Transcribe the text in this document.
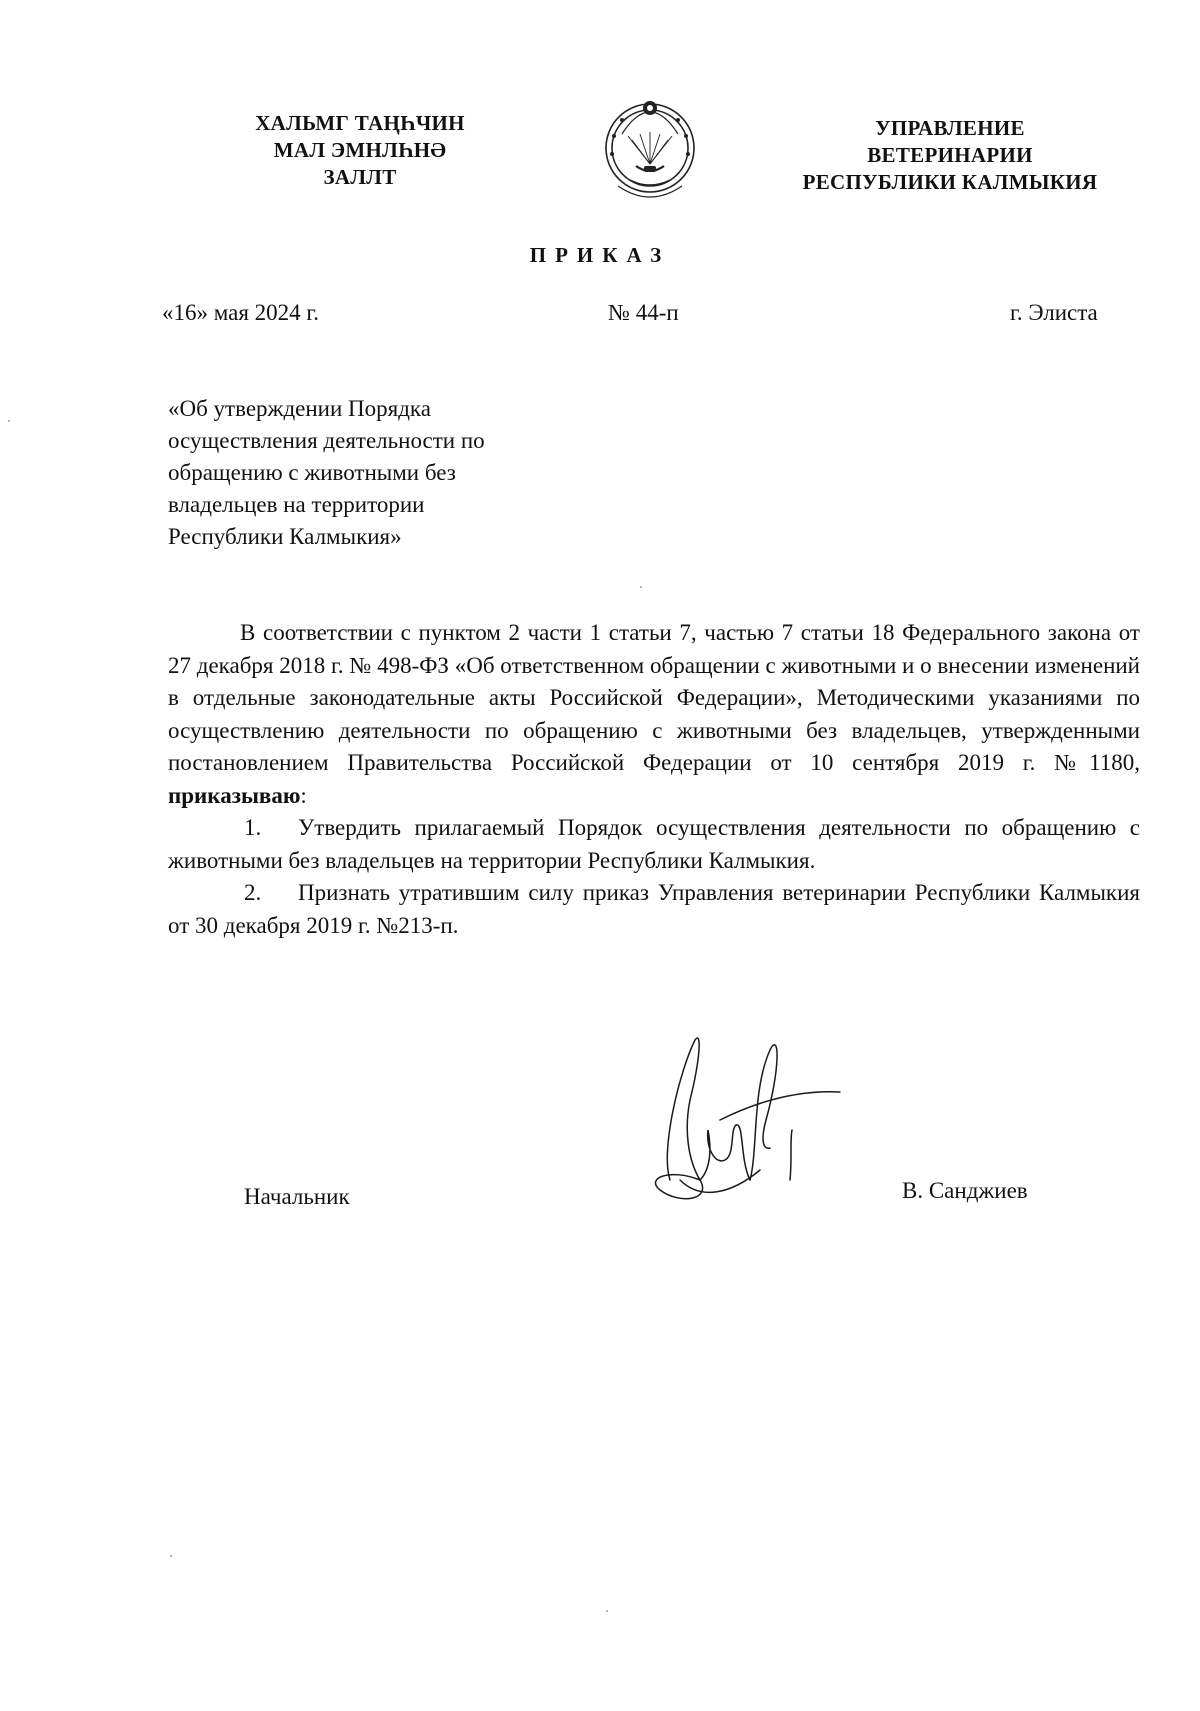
ХАЛЬМГ ТАҢҺЧИН
МАЛ ЭМНЛҺНӘ
ЗАЛЛТ
УПРАВЛЕНИЕ
ВЕТЕРИНАРИИ
РЕСПУБЛИКИ КАЛМЫКИЯ
ПРИКАЗ
«16» мая 2024 г.	№ 44-п	г. Элиста
«Об утверждении Порядка
осуществления деятельности по
обращению с животными без
владельцев на территории
Республики Калмыкия»

В соответствии с пунктом 2 части 1 статьи 7, частью 7 статьи 18 Федерального закона от 27 декабря 2018 г. № 498-ФЗ «Об ответственном обращении с животными и о внесении изменений в отдельные законодательные акты Российской Федерации», Методическими указаниями по осуществлению деятельности по обращению с животными без владельцев, утвержденными постановлением Правительства Российской Федерации от 10 сентября 2019 г. №1180, приказываю:

1. Утвердить прилагаемый Порядок осуществления деятельности по обращению с животными без владельцев на территории Республики Калмыкия.

2. Признать утратившим силу приказ Управления ветеринарии Республики Калмыкия от 30 декабря 2019 г. №213-п.

Начальник	В. Санджиев
